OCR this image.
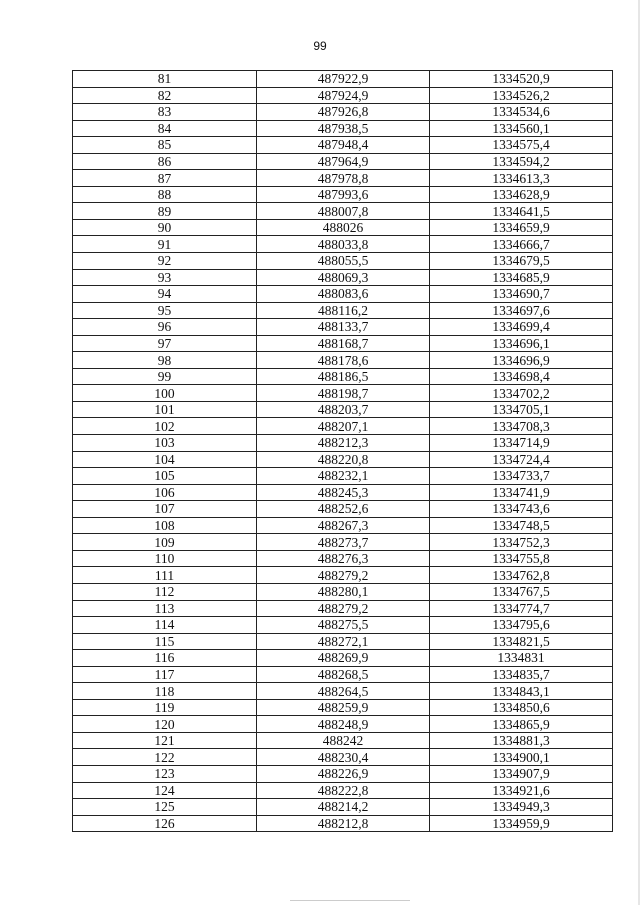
99
81	487922,9	1334520,9
82	487924,9	1334526,2
83	487926,8	1334534,6
84	487938,5	1334560,1
85	487948,4	1334575,4
86	487964,9	1334594,2
87	487978,8	1334613,3
88	487993,6	1334628,9
89	488007,8	1334641,5
90	488026	1334659,9
91	488033,8	1334666,7
92	488055,5	1334679,5
93	488069,3	1334685,9
94	488083,6	1334690,7
95	488116,2	1334697,6
96	488133,7	1334699,4
97	488168,7	1334696,1
98	488178,6	1334696,9
99	488186,5	1334698,4
100	488198,7	1334702,2
101	488203,7	1334705,1
102	488207,1	1334708,3
103	488212,3	1334714,9
104	488220,8	1334724,4
105	488232,1	1334733,7
106	488245,3	1334741,9
107	488252,6	1334743,6
108	488267,3	1334748,5
109	488273,7	1334752,3
110	488276,3	1334755,8
111	488279,2	1334762,8
112	488280,1	1334767,5
113	488279,2	1334774,7
114	488275,5	1334795,6
115	488272,1	1334821,5
116	488269,9	1334831
117	488268,5	1334835,7
118	488264,5	1334843,1
119	488259,9	1334850,6
120	488248,9	1334865,9
121	488242	1334881,3
122	488230,4	1334900,1
123	488226,9	1334907,9
124	488222,8	1334921,6
125	488214,2	1334949,3
126	488212,8	1334959,9
